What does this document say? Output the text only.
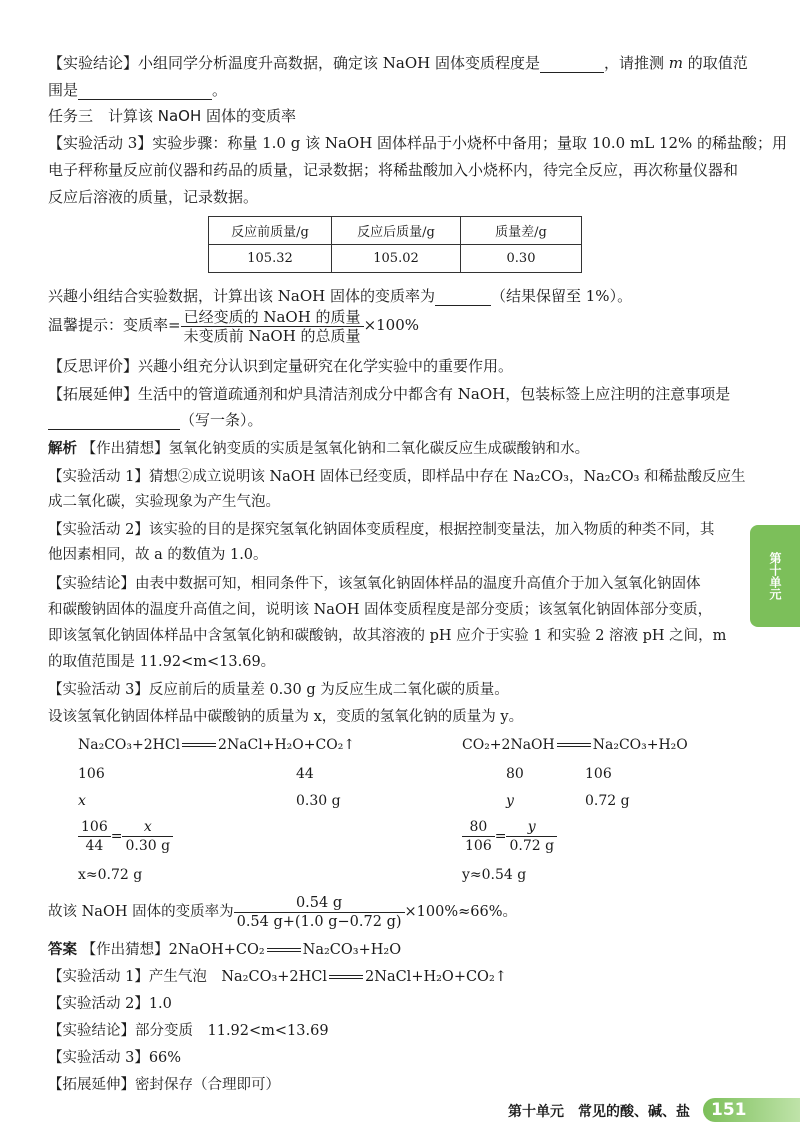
【实验结论】小组同学分析温度升高数据，确定该 NaOH 固体变质程度是	，请推测 m 的取值范
围是	。
任务三　计算该 NaOH 固体的变质率
【实验活动 3】实验步骤：称量 1.0 g 该 NaOH 固体样品于小烧杯中备用；量取 10.0 mL 12% 的稀盐酸；用
电子秤称量反应前仪器和药品的质量，记录数据；将稀盐酸加入小烧杯内，待完全反应，再次称量仪器和
反应后溶液的质量，记录数据。
反应前质量/g	反应后质量/g	质量差/g
105.32	105.02	0.30
兴趣小组结合实验数据，计算出该 NaOH 固体的变质率为	（结果保留至 1%）。
温馨提示：变质率= $\frac{\text{已经变质的 NaOH 的质量}}{\text{未变质前 NaOH 的总质量}} \times 100\%$
【反思评价】兴趣小组充分认识到定量研究在化学实验中的重要作用。
【拓展延伸】生活中的管道疏通剂和炉具清洁剂成分中都含有 NaOH，包装标签上应注明的注意事项是
（写一条）。
解析 【作出猜想】氢氧化钠变质的实质是氢氧化钠和二氧化碳反应生成碳酸钠和水。
【实验活动 1】猜想②成立说明该 NaOH 固体已经变质，即样品中存在 Na₂CO₃，Na₂CO₃ 和稀盐酸反应生
成二氧化碳，实验现象为产生气泡。
【实验活动 2】该实验的目的是探究氢氧化钠固体变质程度，根据控制变量法，加入物质的种类不同，其
他因素相同，故 a 的数值为 1.0。
【实验结论】由表中数据可知，相同条件下，该氢氧化钠固体样品的温度升高值介于加入氢氧化钠固体
和碳酸钠固体的温度升高值之间，说明该 NaOH 固体变质程度是部分变质；该氢氧化钠固体部分变质，
即该氢氧化钠固体样品中含氢氧化钠和碳酸钠，故其溶液的 pH 应介于实验 1 和实验 2 溶液 pH 之间，m
的取值范围是 11.92<m<13.69。
【实验活动 3】反应前后的质量差 0.30 g 为反应生成二氧化碳的质量。
设该氢氧化钠固体样品中碳酸钠的质量为 x，变质的氢氧化钠的质量为 y。
Na₂CO₃+2HCl	2NaCl+H₂O+CO₂↑
106	44
x	0.30 g
$\frac{106}{44} = \frac{x}{0.30 g}$
x≈0.72 g
CO₂+2NaOH	Na₂CO₃+H₂O
80	106
y	0.72 g
$\frac{80}{106} = \frac{y}{0.72 g}$
y≈0.54 g
故该 NaOH 固体的变质率为 $\frac{0.54 g}{0.54 g+(1.0 g-0.72 g)} \times 100\%\approx 66\%$。
答案 【作出猜想】2NaOH+CO₂	Na₂CO₃+H₂O
【实验活动 1】产生气泡　Na₂CO₃+2HCl	2NaCl+H₂O+CO₂↑
【实验活动 2】1.0
【实验结论】部分变质　11.92<m<13.69
【实验活动 3】66%
【拓展延伸】密封保存（合理即可）
第十单元
第十单元　常见的酸、碱、盐 151
